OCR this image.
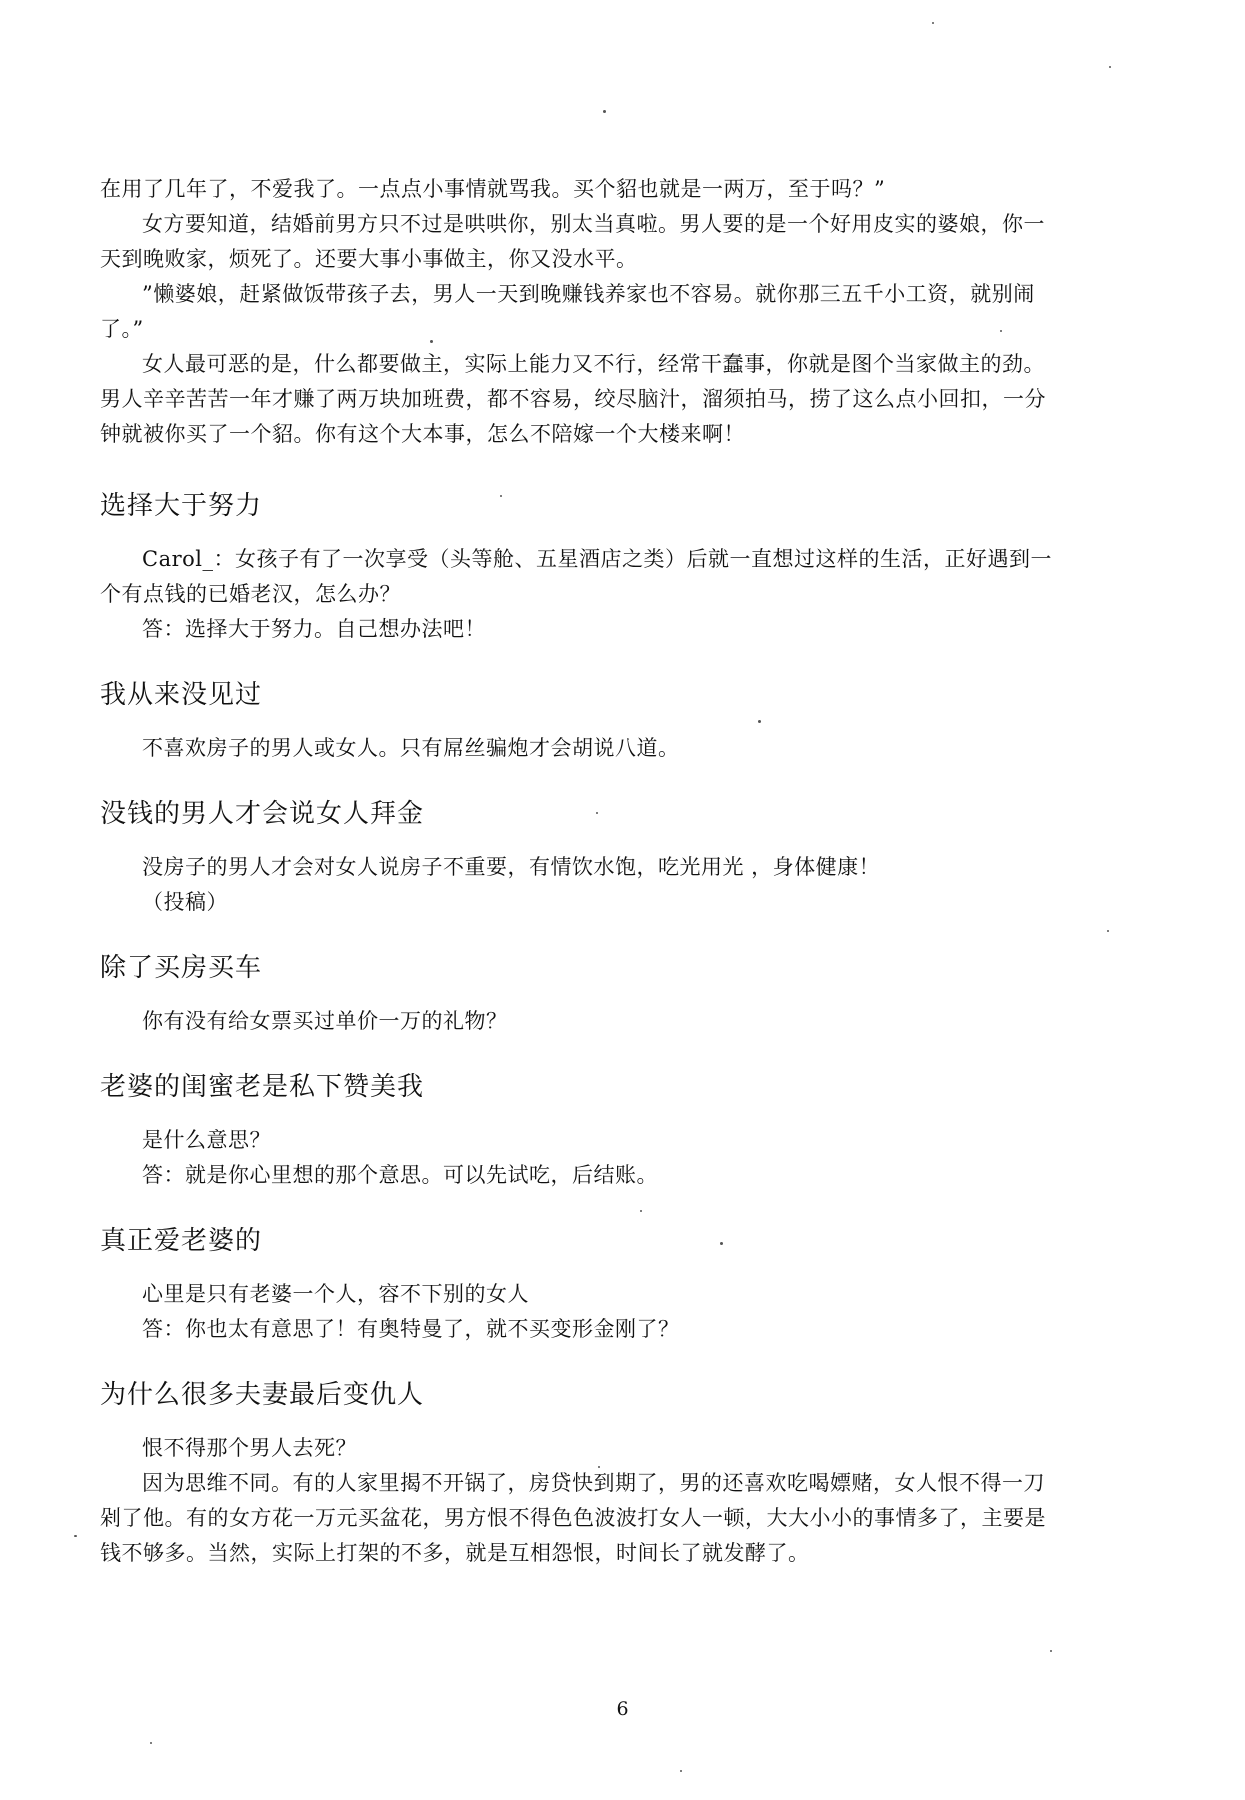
在用了几年了，不爱我了。一点点小事情就骂我。买个貂也就是一两万，至于吗？”

女方要知道，结婚前男方只不过是哄哄你，别太当真啦。男人要的是一个好用皮实的婆娘，你一天到晚败家，烦死了。还要大事小事做主，你又没水平。

”懒婆娘，赶紧做饭带孩子去，男人一天到晚赚钱养家也不容易。就你那三五千小工资，就别闹了。”

女人最可恶的是，什么都要做主，实际上能力又不行，经常干蠢事，你就是图个当家做主的劲。男人辛辛苦苦一年才赚了两万块加班费，都不容易，绞尽脑汁，溜须拍马，捞了这么点小回扣，一分钟就被你买了一个貂。你有这个大本事，怎么不陪嫁一个大楼来啊！

选择大于努力

Carol_：女孩子有了一次享受（头等舱、五星酒店之类）后就一直想过这样的生活，正好遇到一个有点钱的已婚老汉，怎么办？

答：选择大于努力。自己想办法吧！

我从来没见过

不喜欢房子的男人或女人。只有屌丝骗炮才会胡说八道。

没钱的男人才会说女人拜金

没房子的男人才会对女人说房子不重要，有情饮水饱，吃光用光 ，身体健康！

（投稿）

除了买房买车

你有没有给女票买过单价一万的礼物？

老婆的闺蜜老是私下赞美我

是什么意思？

答：就是你心里想的那个意思。可以先试吃，后结账。

真正爱老婆的

心里是只有老婆一个人，容不下别的女人

答：你也太有意思了！有奥特曼了，就不买变形金刚了？

为什么很多夫妻最后变仇人

恨不得那个男人去死？

因为思维不同。有的人家里揭不开锅了，房贷快到期了，男的还喜欢吃喝嫖赌，女人恨不得一刀剁了他。有的女方花一万元买盆花，男方恨不得色色波波打女人一顿，大大小小的事情多了，主要是钱不够多。当然，实际上打架的不多，就是互相怨恨，时间长了就发酵了。

6
